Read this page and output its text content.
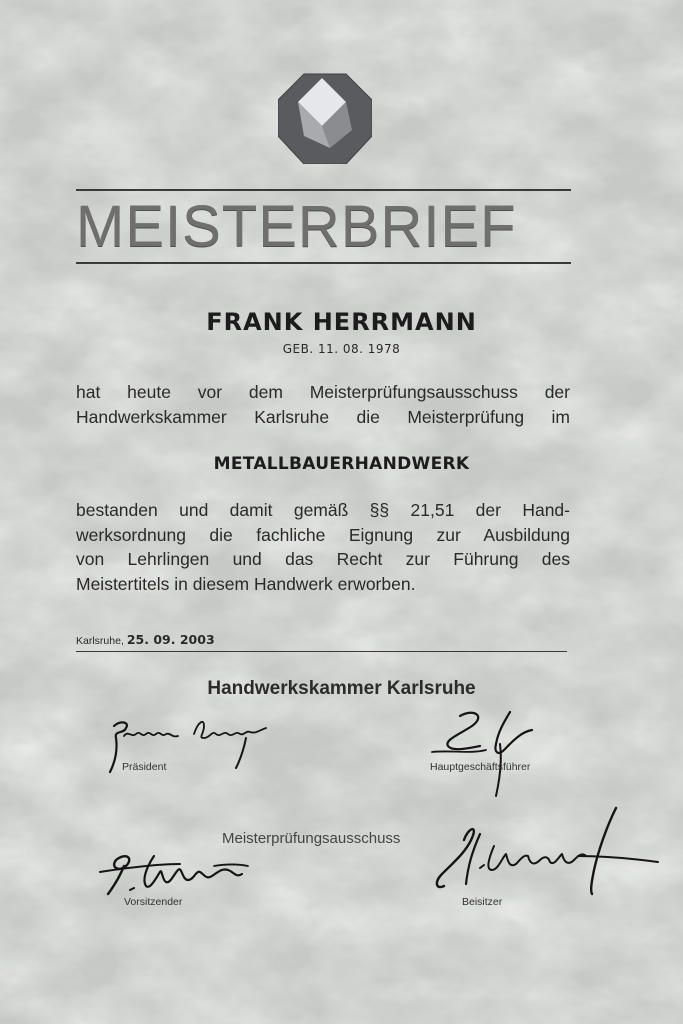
MEISTERBRIEF
FRANK HERRMANN
GEB. 11. 08. 1978
hat heute vor dem Meisterprüfungsausschuss der
Handwerkskammer Karlsruhe die Meisterprüfung im
METALLBAUERHANDWERK
bestanden und damit gemäß §§ 21,51 der Hand-
werksordnung die fachliche Eignung zur Ausbildung
von Lehrlingen und das Recht zur Führung des
Meistertitels in diesem Handwerk erworben.
Karlsruhe, 25. 09. 2003
Handwerkskammer Karlsruhe
Präsident	Hauptgeschäftsführer
Meisterprüfungsausschuss
Vorsitzender	Beisitzer
